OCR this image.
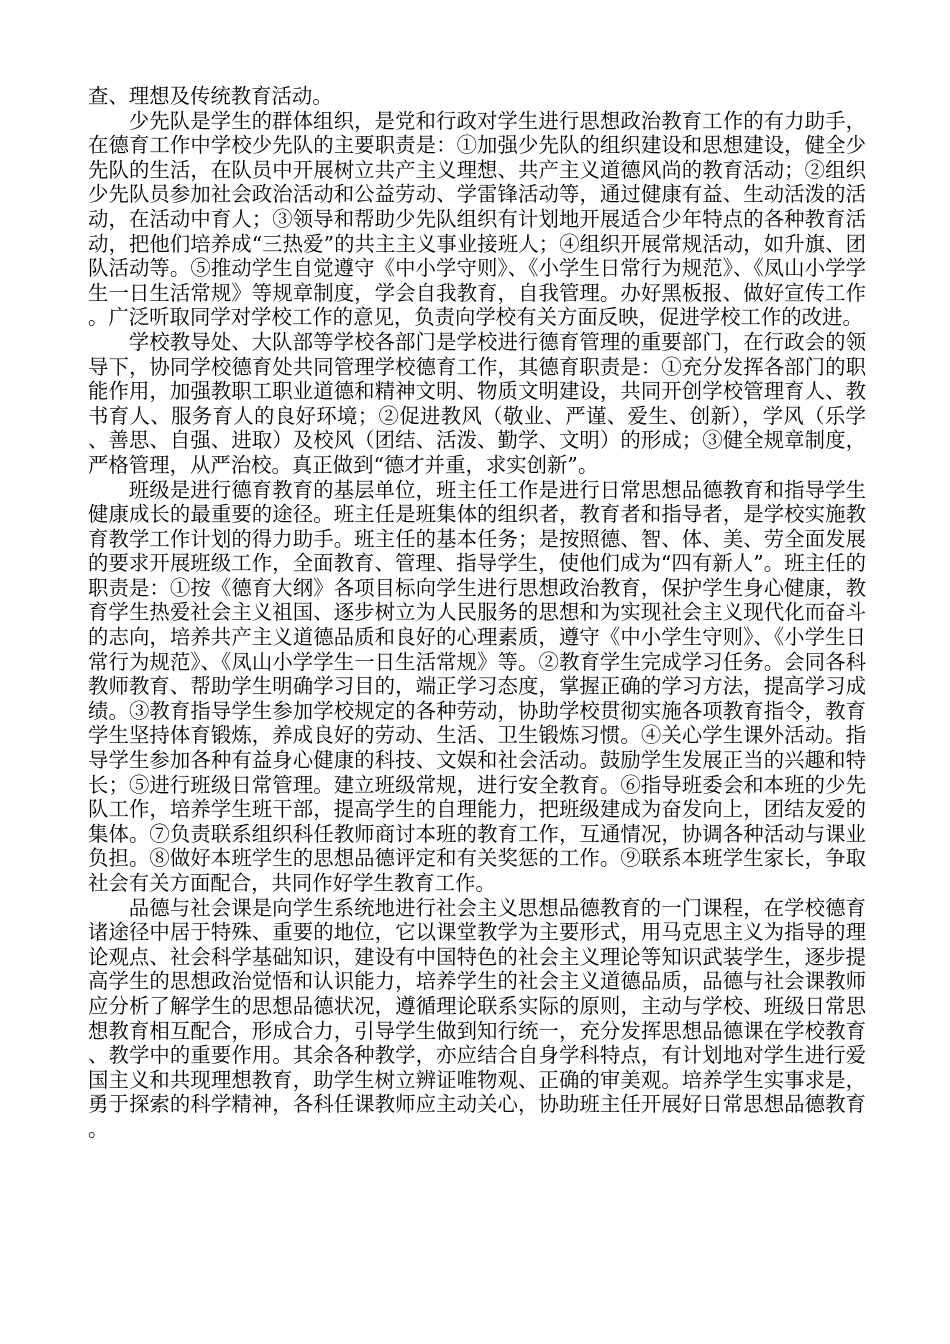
查、理想及传统教育活动。

少先队是学生的群体组织，是党和行政对学生进行思想政治教育工作的有力助手，在德育工作中学校少先队的主要职责是：①加强少先队的组织建设和思想建设，健全少先队的生活，在队员中开展树立共产主义理想、共产主义道德风尚的教育活动；②组织少先队员参加社会政治活动和公益劳动、学雷锋活动等，通过健康有益、生动活泼的活动，在活动中育人；③领导和帮助少先队组织有计划地开展适合少年特点的各种教育活动，把他们培养成“三热爱”的共主主义事业接班人；④组织开展常规活动，如升旗、团队活动等。⑤推动学生自觉遵守《中小学守则》、《小学生日常行为规范》、《凤山小学学生一日生活常规》等规章制度，学会自我教育，自我管理。办好黑板报、做好宣传工作。广泛听取同学对学校工作的意见，负责向学校有关方面反映，促进学校工作的改进。

学校教导处、大队部等学校各部门是学校进行德育管理的重要部门，在行政会的领导下，协同学校德育处共同管理学校德育工作，其德育职责是：①充分发挥各部门的职能作用，加强教职工职业道德和精神文明、物质文明建设，共同开创学校管理育人、教书育人、服务育人的良好环境；②促进教风（敬业、严谨、爱生、创新），学风（乐学、善思、自强、进取）及校风（团结、活泼、勤学、文明）的形成；③健全规章制度，严格管理，从严治校。真正做到“德才并重，求实创新”。

班级是进行德育教育的基层单位，班主任工作是进行日常思想品德教育和指导学生健康成长的最重要的途径。班主任是班集体的组织者，教育者和指导者，是学校实施教育教学工作计划的得力助手。班主任的基本任务；是按照德、智、体、美、劳全面发展的要求开展班级工作，全面教育、管理、指导学生，使他们成为“四有新人”。班主任的职责是：①按《德育大纲》各项目标向学生进行思想政治教育，保护学生身心健康，教育学生热爱社会主义祖国、逐步树立为人民服务的思想和为实现社会主义现代化而奋斗的志向，培养共产主义道德品质和良好的心理素质，遵守《中小学生守则》、《小学生日常行为规范》、《凤山小学学生一日生活常规》等。②教育学生完成学习任务。会同各科教师教育、帮助学生明确学习目的，端正学习态度，掌握正确的学习方法，提高学习成绩。③教育指导学生参加学校规定的各种劳动，协助学校贯彻实施各项教育指令，教育学生坚持体育锻炼，养成良好的劳动、生活、卫生锻炼习惯。④关心学生课外活动。指导学生参加各种有益身心健康的科技、文娱和社会活动。鼓励学生发展正当的兴趣和特长；⑤进行班级日常管理。建立班级常规，进行安全教育。⑥指导班委会和本班的少先队工作，培养学生班干部，提高学生的自理能力，把班级建成为奋发向上，团结友爱的集体。⑦负责联系组织科任教师商讨本班的教育工作，互通情况，协调各种活动与课业负担。⑧做好本班学生的思想品德评定和有关奖惩的工作。⑨联系本班学生家长，争取社会有关方面配合，共同作好学生教育工作。

品德与社会课是向学生系统地进行社会主义思想品德教育的一门课程，在学校德育诸途径中居于特殊、重要的地位，它以课堂教学为主要形式，用马克思主义为指导的理论观点、社会科学基础知识，建设有中国特色的社会主义理论等知识武装学生，逐步提高学生的思想政治觉悟和认识能力，培养学生的社会主义道德品质，品德与社会课教师应分析了解学生的思想品德状况，遵循理论联系实际的原则，主动与学校、班级日常思想教育相互配合，形成合力，引导学生做到知行统一，充分发挥思想品德课在学校教育、教学中的重要作用。其余各种教学，亦应结合自身学科特点，有计划地对学生进行爱国主义和共现理想教育，助学生树立辨证唯物观、正确的审美观。培养学生实事求是，勇于探索的科学精神，各科任课教师应主动关心，协助班主任开展好日常思想品德教育。
